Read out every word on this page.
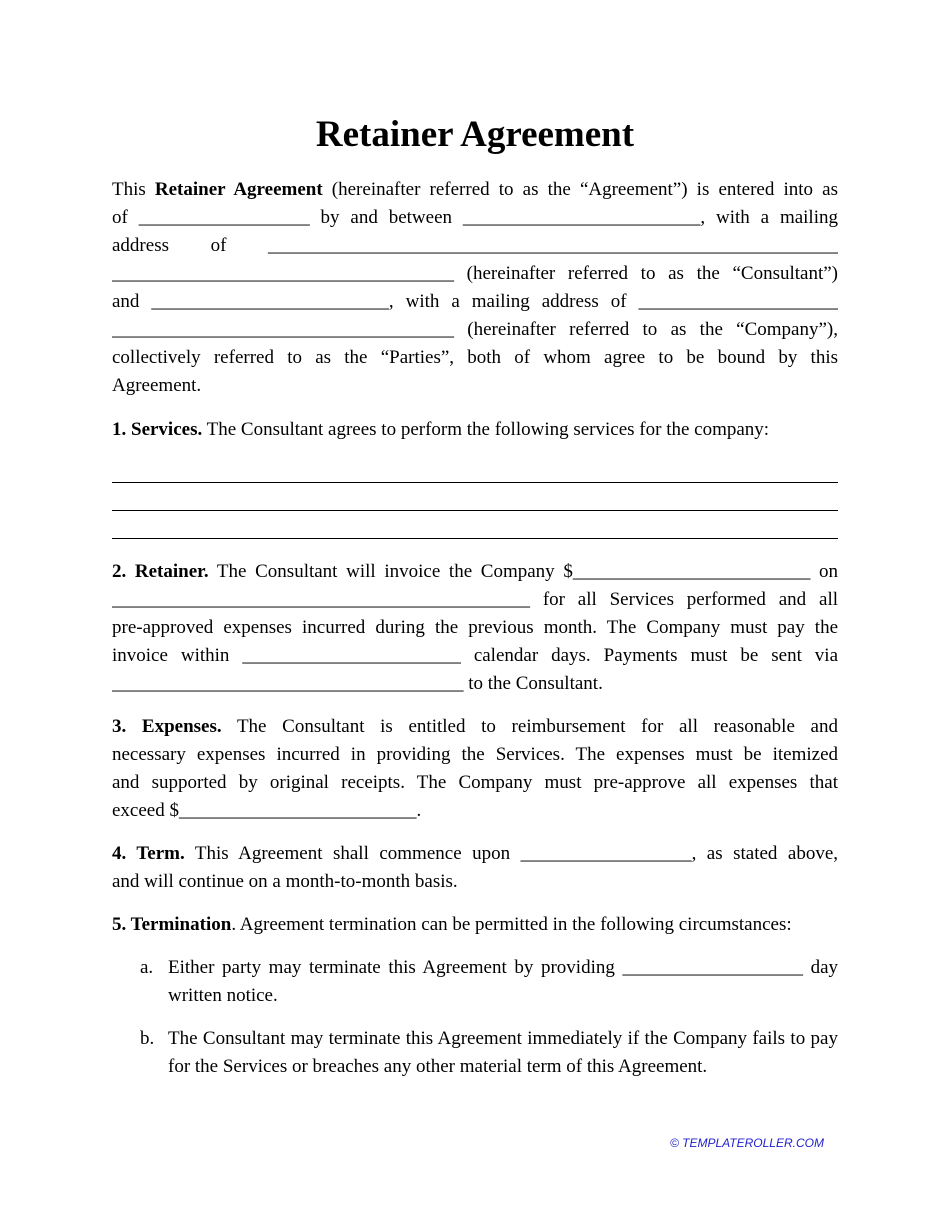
Retainer Agreement
This Retainer Agreement (hereinafter referred to as the “Agreement”) is entered into as
of __________________ by and between _________________________, with a mailing
address of ____________________________________________________________
____________________________________ (hereinafter referred to as the “Consultant”)
and _________________________, with a mailing address of _____________________
____________________________________ (hereinafter referred to as the “Company”),
collectively referred to as the “Parties”, both of whom agree to be bound by this
Agreement.
1. Services. The Consultant agrees to perform the following services for the company:
2. Retainer. The Consultant will invoice the Company $_________________________ on
____________________________________________ for all Services performed and all
pre-approved expenses incurred during the previous month. The Company must pay the
invoice within _______________________ calendar days. Payments must be sent via
_____________________________________ to the Consultant.
3. Expenses. The Consultant is entitled to reimbursement for all reasonable and
necessary expenses incurred in providing the Services. The expenses must be itemized
and supported by original receipts. The Company must pre-approve all expenses that
exceed $_________________________.
4. Term. This Agreement shall commence upon __________________, as stated above,
and will continue on a month-to-month basis.
5. Termination. Agreement termination can be permitted in the following circumstances:
a. Either party may terminate this Agreement by providing ___________________ day written notice.
b. The Consultant may terminate this Agreement immediately if the Company fails to pay for the Services or breaches any other material term of this Agreement.
© TEMPLATEROLLER.COM
